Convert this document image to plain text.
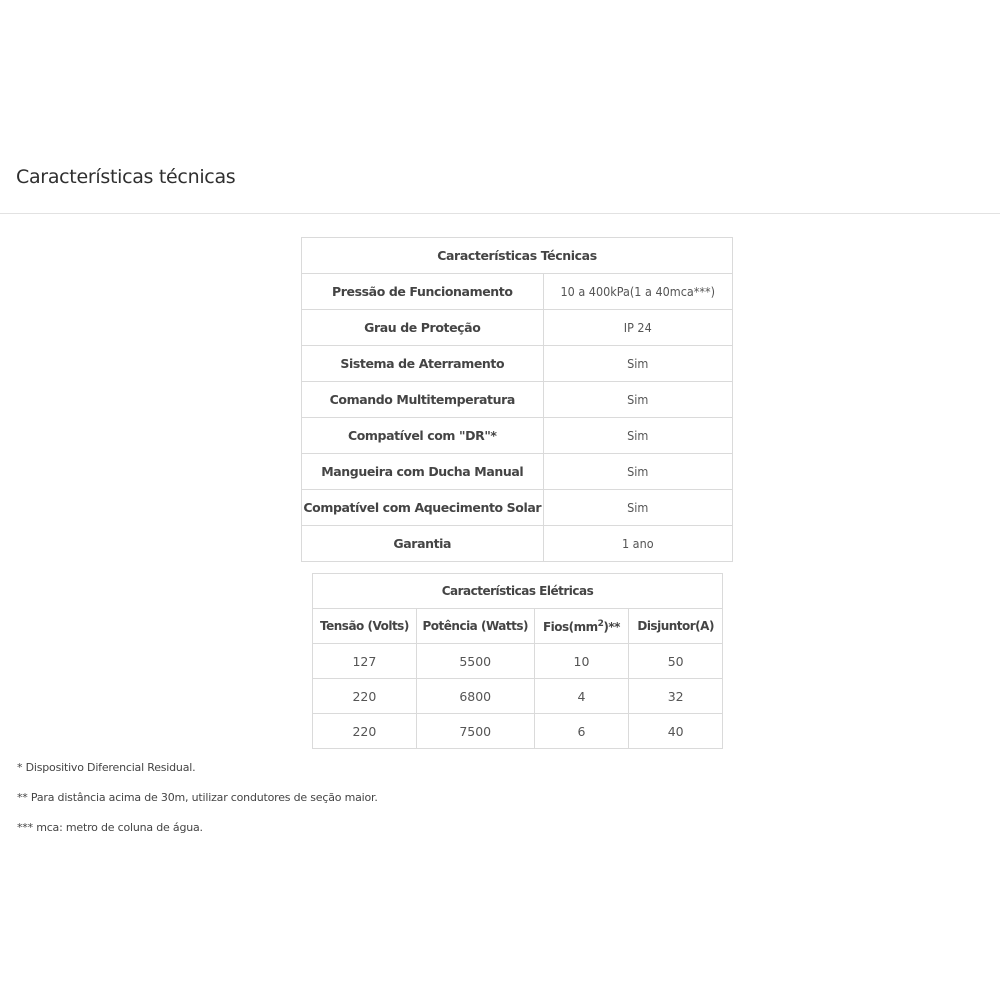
Características técnicas
Características Técnicas	
Pressão de Funcionamento	10 a 400kPa(1 a 40mca***)
Grau de Proteção	IP 24
Sistema de Aterramento	Sim
Comando Multitemperatura	Sim
Compatível com "DR"*	Sim
Mangueira com Ducha Manual	Sim
Compatível com Aquecimento Solar	Sim
Garantia	1 ano
Características Elétricas			
Tensão (Volts)	Potência (Watts)	$Fios(mm^2)**$	Disjuntor(A)
127	5500	10	50
220	6800	4	32
220	7500	6	40

* Dispositivo Diferencial Residual.

** Para distância acima de 30m, utilizar condutores de seção maior.

*** mca: metro de coluna de água.
